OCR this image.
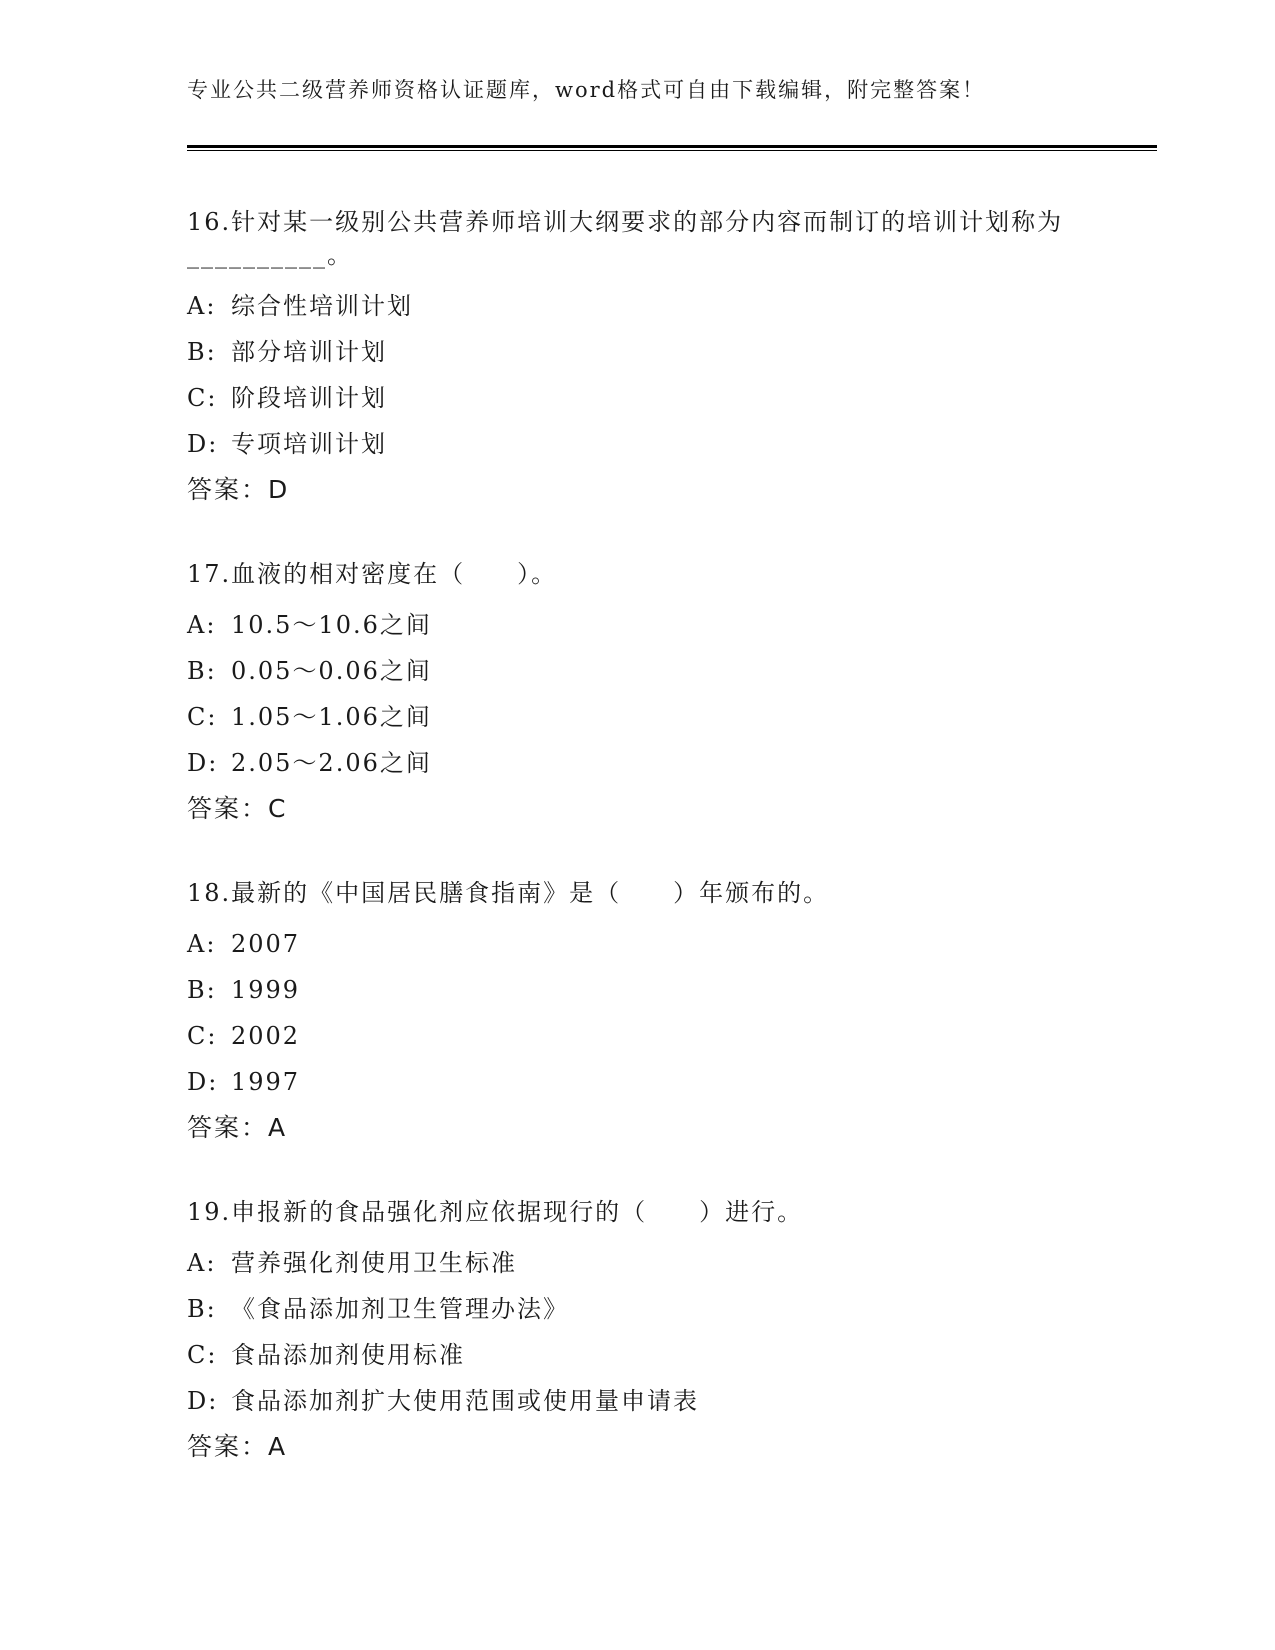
专业公共二级营养师资格认证题库，word格式可自由下载编辑，附完整答案！
16.针对某一级别公共营养师培训大纲要求的部分内容而制订的培训计划称为__________。
A: 综合性培训计划
B: 部分培训计划
C: 阶段培训计划
D: 专项培训计划
答案：D
17.血液的相对密度在（　　）。
A: 10.5～10.6之间
B: 0.05～0.06之间
C: 1.05～1.06之间
D: 2.05～2.06之间
答案：C
18.最新的《中国居民膳食指南》是（　　）年颁布的。
A: 2007
B: 1999
C: 2002
D: 1997
答案：A
19.申报新的食品强化剂应依据现行的（　　）进行。
A: 营养强化剂使用卫生标准
B: 《食品添加剂卫生管理办法》
C: 食品添加剂使用标准
D: 食品添加剂扩大使用范围或使用量申请表
答案：A
